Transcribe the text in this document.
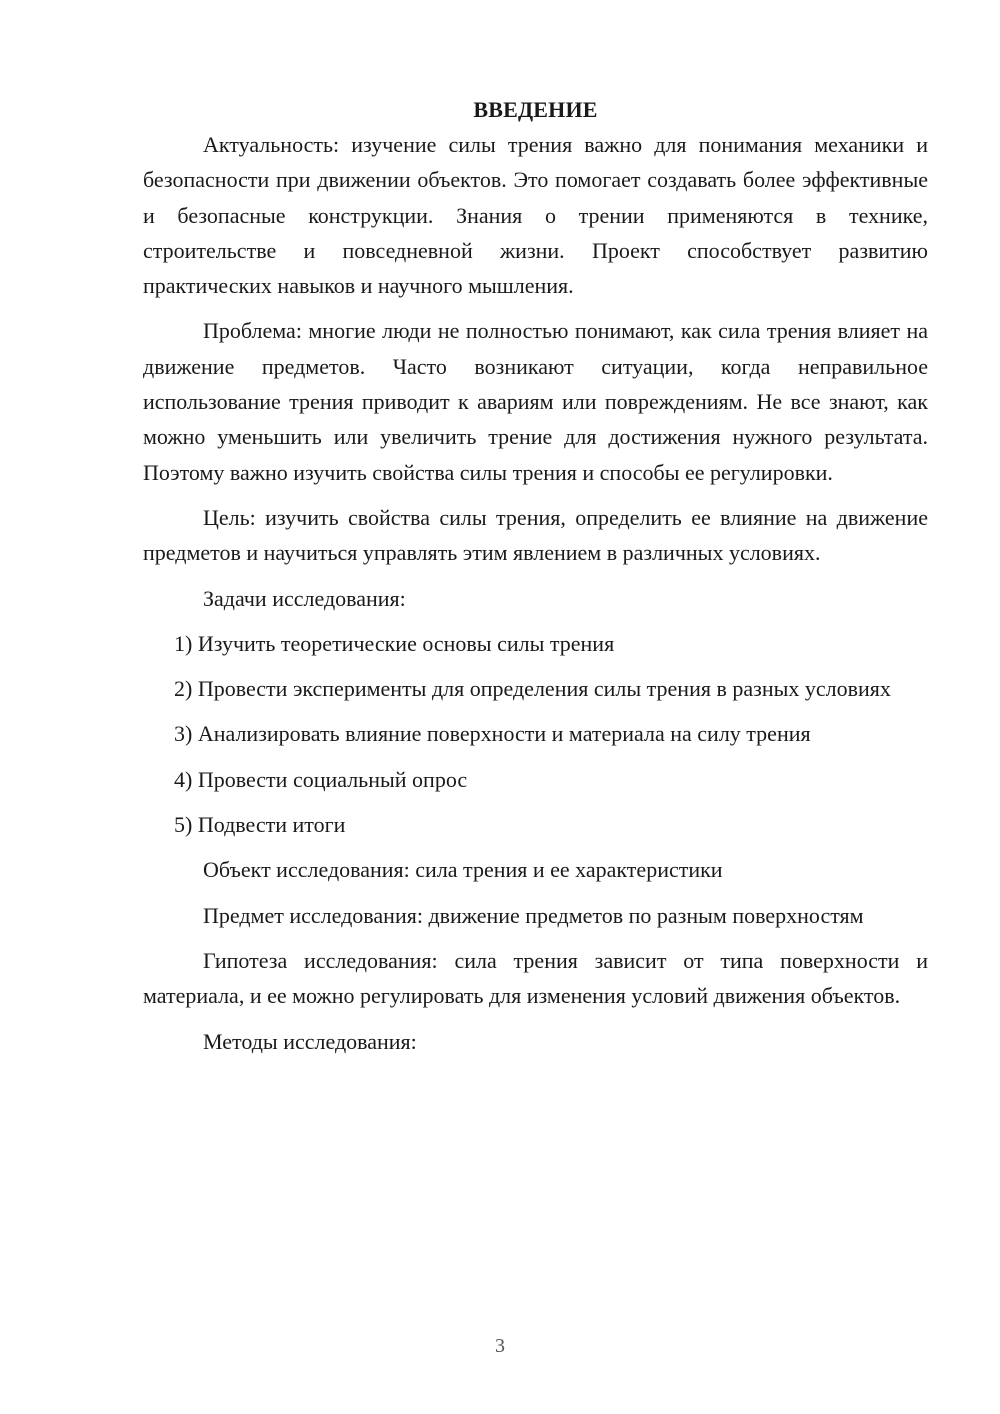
ВВЕДЕНИЕ

Актуальность: изучение силы трения важно для понимания механики и безопасности при движении объектов. Это помогает создавать более эффективные и безопасные конструкции. Знания о трении применяются в технике, строительстве и повседневной жизни. Проект способствует развитию практических навыков и научного мышления.

Проблема: многие люди не полностью понимают, как сила трения влияет на движение предметов. Часто возникают ситуации, когда неправильное использование трения приводит к авариям или повреждениям. Не все знают, как можно уменьшить или увеличить трение для достижения нужного результата. Поэтому важно изучить свойства силы трения и способы ее регулировки.

Цель: изучить свойства силы трения, определить ее влияние на движение предметов и научиться управлять этим явлением в различных условиях.

Задачи исследования:

1) Изучить теоретические основы силы трения

2) Провести эксперименты для определения силы трения в разных условиях

3) Анализировать влияние поверхности и материала на силу трения

4) Провести социальный опрос

5) Подвести итоги

Объект исследования: сила трения и ее характеристики

Предмет исследования: движение предметов по разным поверхностям

Гипотеза исследования: сила трения зависит от типа поверхности и материала, и ее можно регулировать для изменения условий движения объектов.

Методы исследования:

3
